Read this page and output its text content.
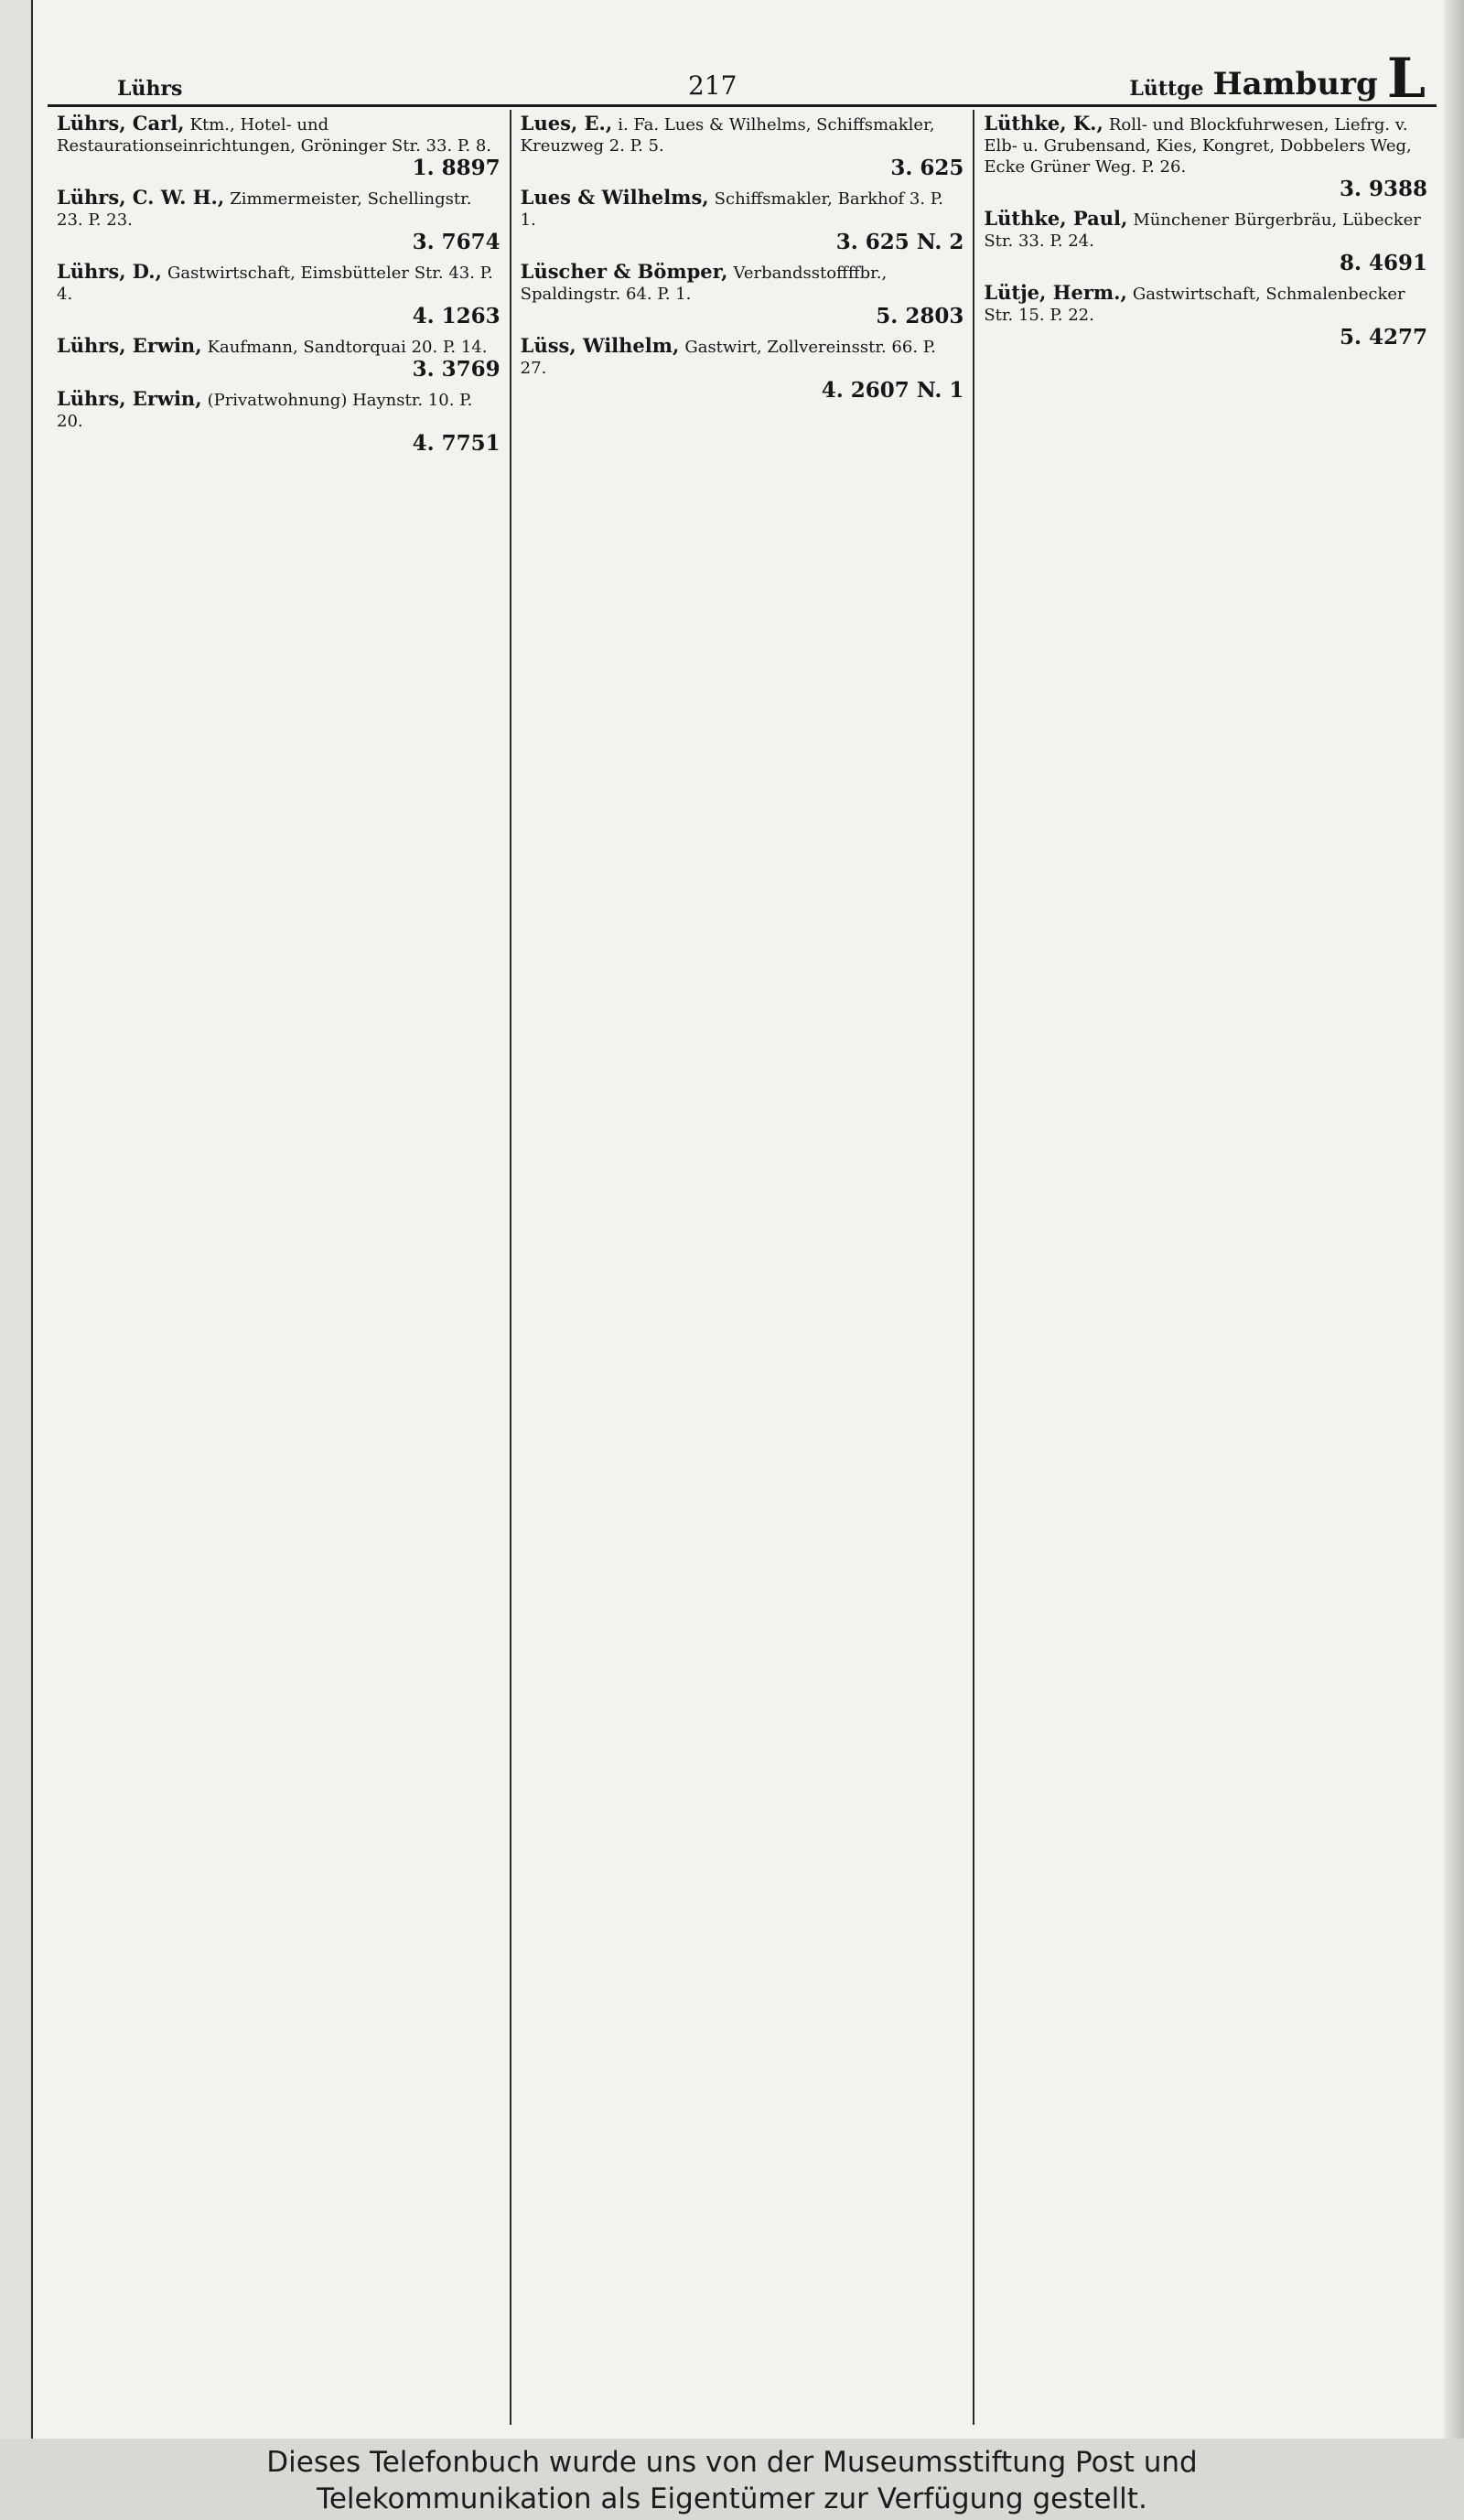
Lührs	217	Lüttge Hamburg L
Lührs, Carl, Ktm., Hotel- und Restaurationseinrichtungen, Gröninger Str. 33. P. 8.
1. 8897
Lührs, C. W. H., Zimmermeister, Schellingstr. 23. P. 23.
3. 7674
Lührs, D., Gastwirtschaft, Eimsbütteler Str. 43. P. 4.
4. 1263
Lührs, Erwin, Kaufmann, Sandtorquai 20. P. 14.
3. 3769
Lührs, Erwin, (Privatwohnung) Haynstr. 10. P. 20.
4. 7751
Lues, E., i. Fa. Lues & Wilhelms, Schiffsmakler, Kreuzweg 2. P. 5.
3. 625
Lues & Wilhelms, Schiffsmakler, Barkhof 3. P. 1.
3. 625 N. 2
Lüscher & Bömper, Verbandsstoffffbr., Spaldingstr. 64. P. 1.
5. 2803
Lüss, Wilhelm, Gastwirt, Zollvereinsstr. 66. P. 27.
4. 2607 N. 1
Lüthke, K., Roll- und Blockfuhrwesen, Liefrg. v. Elb- u. Grubensand, Kies, Kongret, Dobbelers Weg, Ecke Grüner Weg. P. 26.
3. 9388
Lüthke, Paul, Münchener Bürgerbräu, Lübecker Str. 33. P. 24.
8. 4691
Lütje, Herm., Gastwirtschaft, Schmalenbecker Str. 15. P. 22.
5. 4277
Dieses Telefonbuch wurde uns von der Museumsstiftung Post und
Telekommunikation als Eigentümer zur Verfügung gestellt.
